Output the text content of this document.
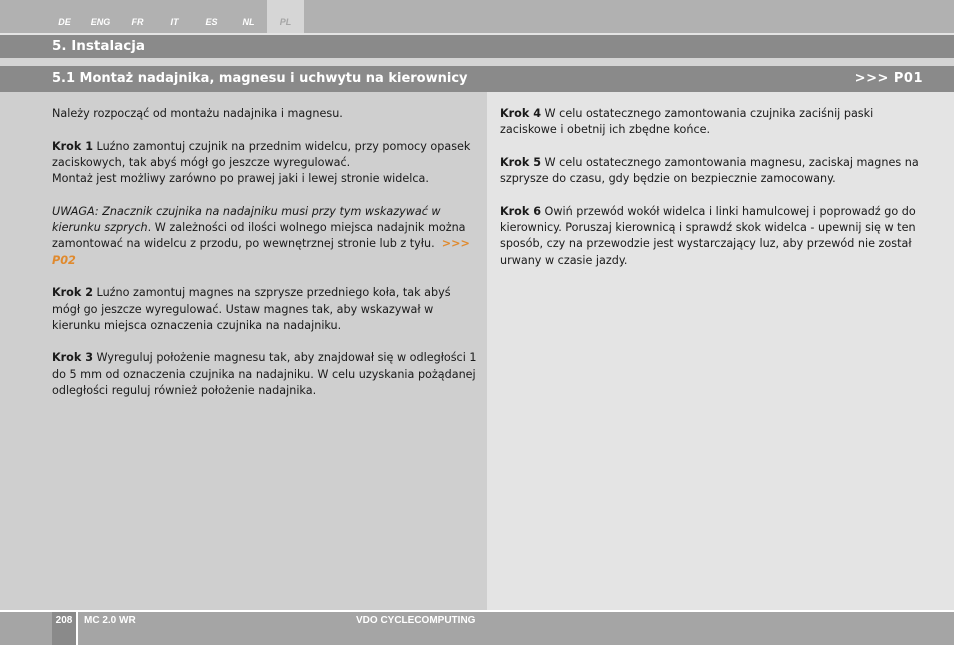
DE	ENG	FR	IT	ES	NL	PL
5. Instalacja
5.1 Montaż nadajnika, magnesu i uchwytu na kierownicy	>>> P01

Należy rozpocząć od montażu nadajnika i magnesu.

Krok 1 Luźno zamontuj czujnik na przednim widelcu, przy pomocy opasek zaciskowych, tak abyś mógł go jeszcze wyregulować.
Montaż jest możliwy zarówno po prawej jaki i lewej stronie widelca.

UWAGA: Znacznik czujnika na nadajniku musi przy tym wskazywać w kierunku szprych. W zależności od ilości wolnego miejsca nadajnik można zamontować na widelcu z przodu, po wewnętrznej stronie lub z tyłu. >>> P02

Krok 2 Luźno zamontuj magnes na szprysze przedniego koła, tak abyś mógł go jeszcze wyregulować. Ustaw magnes tak, aby wskazywał w kierunku miejsca oznaczenia czujnika na nadajniku.

Krok 3 Wyreguluj położenie magnesu tak, aby znajdował się w odległości 1 do 5 mm od oznaczenia czujnika na nadajniku. W celu uzyskania pożądanej odległości reguluj również położenie nadajnika.

Krok 4 W celu ostatecznego zamontowania czujnika zaciśnij paski zaciskowe i obetnij ich zbędne końce.

Krok 5 W celu ostatecznego zamontowania magnesu, zaciskaj magnes na szprysze do czasu, gdy będzie on bezpiecznie zamocowany.

Krok 6 Owiń przewód wokół widelca i linki hamulcowej i poprowadź go do kierownicy. Poruszaj kierownicą i sprawdź skok widelca - upewnij się w ten sposób, czy na przewodzie jest wystarczający luz, aby przewód nie został urwany w czasie jazdy.

208	MC 2.0 WR	VDO CYCLECOMPUTING
